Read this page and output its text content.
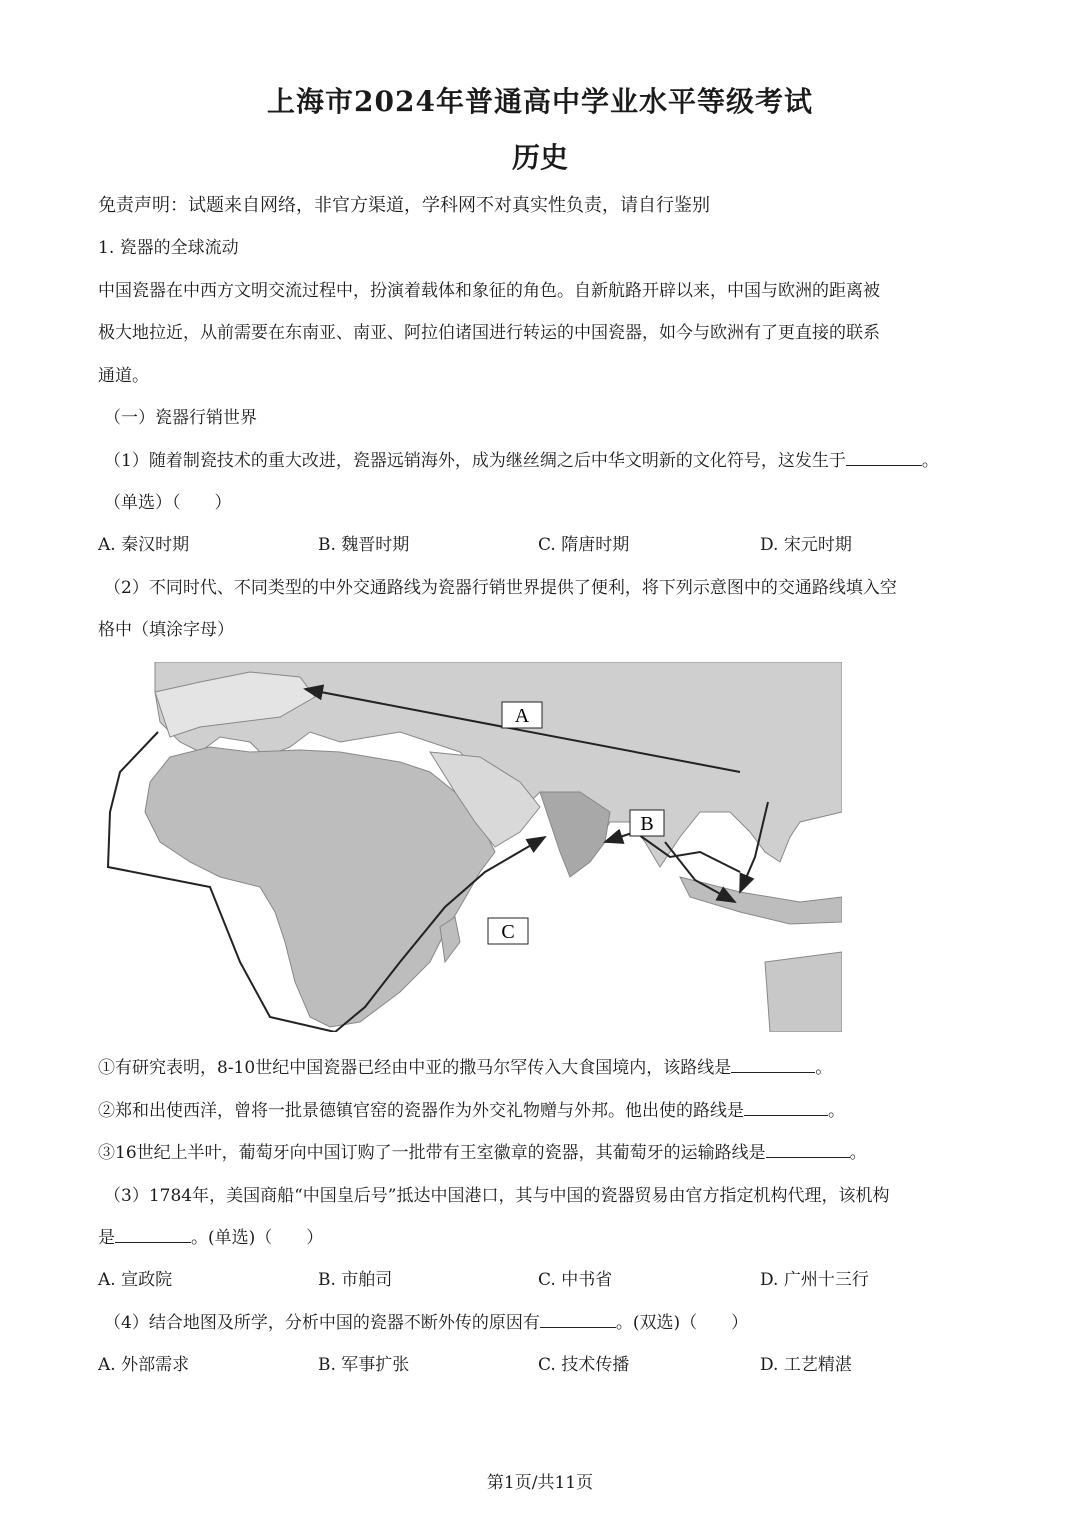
⁠	上海市2024年普通高中学业水平等级考试
历史
免责声明：试题来自网络，非官方渠道，学科网不对真实性负责，请自行鉴别
1. 瓷器的全球流动
中国瓷器在中西方文明交流过程中，扮演着载体和象征的角色。自新航路开辟以来，中国与欧洲的距离被
极大地拉近，从前需要在东南亚、南亚、阿拉伯诸国进行转运的中国瓷器，如今与欧洲有了更直接的联系
通道。
（一）瓷器行销世界
（1）随着制瓷技术的重大改进，瓷器远销海外，成为继丝绸之后中华文明新的文化符号，这发生于	。
（单选）（　　）
A. 秦汉时期	B. 魏晋时期	C. 隋唐时期	D. 宋元时期
（2）不同时代、不同类型的中外交通路线为瓷器行销世界提供了便利，将下列示意图中的交通路线填入空
格中（填涂字母）
A
B
C
①有研究表明，8-10世纪中国瓷器已经由中亚的撒马尔罕传入大食国境内，该路线是	。
②郑和出使西洋，曾将一批景德镇官窑的瓷器作为外交礼物赠与外邦。他出使的路线是	。
③16世纪上半叶，葡萄牙向中国订购了一批带有王室徽章的瓷器，其葡萄牙的运输路线是	。
（3）1784年，美国商船“中国皇后号”抵达中国港口，其与中国的瓷器贸易由官方指定机构代理，该机构
是	。(单选)（　　）
A. 宣政院	B. 市舶司	C. 中书省	D. 广州十三行
（4）结合地图及所学，分析中国的瓷器不断外传的原因有	。(双选)（　　）
A. 外部需求	B. 军事扩张	C. 技术传播	D. 工艺精湛
第1页/共11页
